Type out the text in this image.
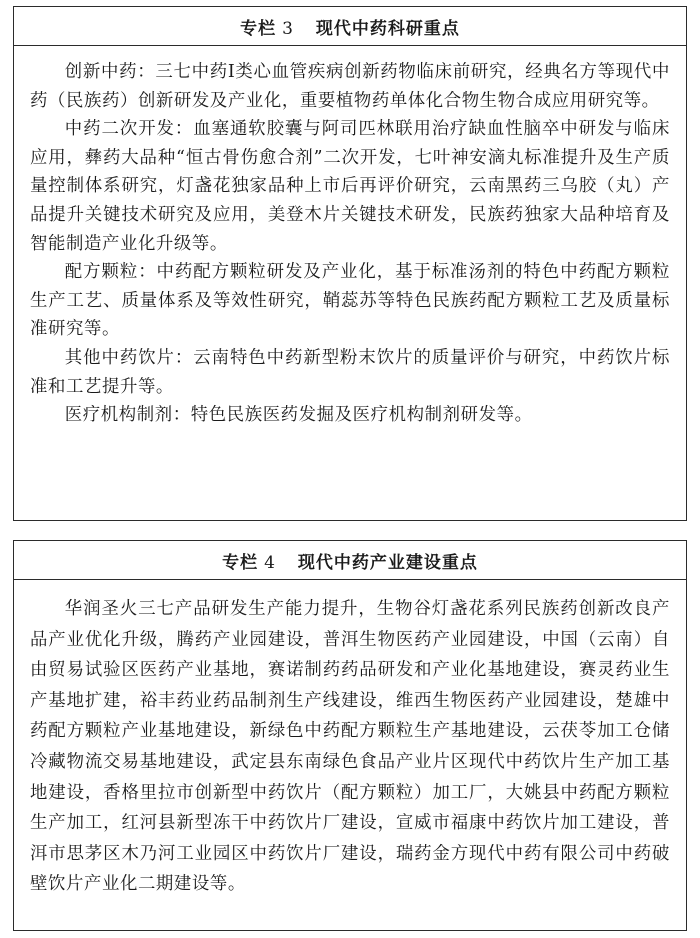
专栏 3 现代中药科研重点

创新中药：三七中药Ⅰ类心血管疾病创新药物临床前研究，经典名方等现代中药（民族药）创新研发及产业化，重要植物药单体化合物生物合成应用研究等。

中药二次开发：血塞通软胶囊与阿司匹林联用治疗缺血性脑卒中研发与临床应用，彝药大品种“恒古骨伤愈合剂”二次开发，七叶神安滴丸标准提升及生产质量控制体系研究，灯盏花独家品种上市后再评价研究，云南黑药三乌胶（丸）产品提升关键技术研究及应用，美登木片关键技术研发，民族药独家大品种培育及智能制造产业化升级等。

配方颗粒：中药配方颗粒研发及产业化，基于标准汤剂的特色中药配方颗粒生产工艺、质量体系及等效性研究，鞘蕊苏等特色民族药配方颗粒工艺及质量标准研究等。

其他中药饮片：云南特色中药新型粉末饮片的质量评价与研究，中药饮片标准和工艺提升等。

医疗机构制剂：特色民族医药发掘及医疗机构制剂研发等。

专栏 4 现代中药产业建设重点

华润圣火三七产品研发生产能力提升，生物谷灯盏花系列民族药创新改良产品产业优化升级，腾药产业园建设，普洱生物医药产业园建设，中国（云南）自由贸易试验区医药产业基地，赛诺制药药品研发和产业化基地建设，赛灵药业生产基地扩建，裕丰药业药品制剂生产线建设，维西生物医药产业园建设，楚雄中药配方颗粒产业基地建设，新绿色中药配方颗粒生产基地建设，云茯苓加工仓储冷藏物流交易基地建设，武定县东南绿色食品产业片区现代中药饮片生产加工基地建设，香格里拉市创新型中药饮片（配方颗粒）加工厂，大姚县中药配方颗粒生产加工，红河县新型冻干中药饮片厂建设，宣威市福康中药饮片加工建设，普洱市思茅区木乃河工业园区中药饮片厂建设，瑞药金方现代中药有限公司中药破壁饮片产业化二期建设等。
